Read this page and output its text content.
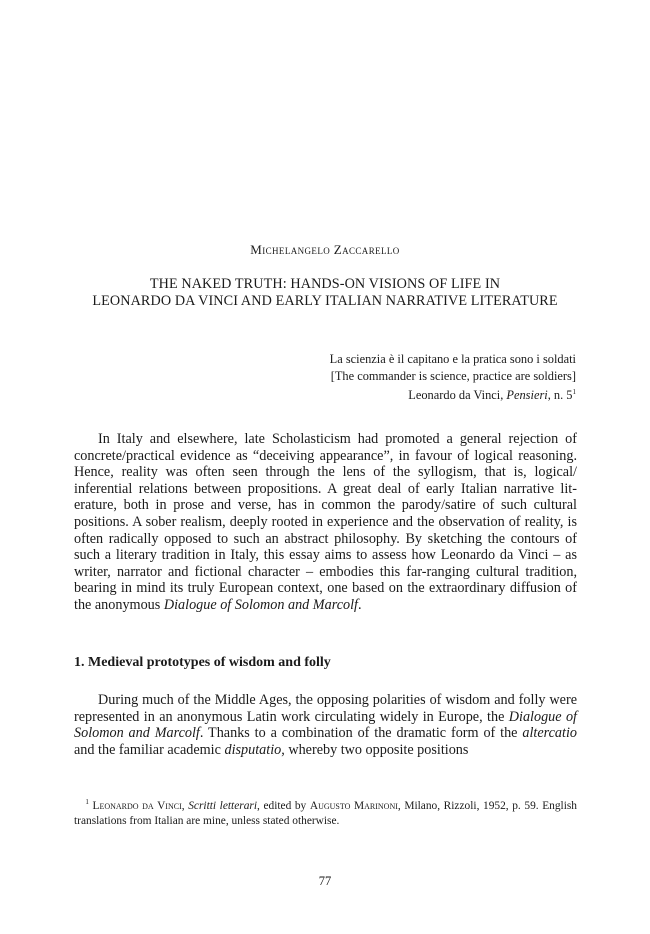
Michelangelo Zaccarello
THE NAKED TRUTH: HANDS-ON VISIONS OF LIFE IN
LEONARDO DA VINCI AND EARLY ITALIAN NARRATIVE LITERATURE
La scienzia è il capitano e la pratica sono i soldati
[The commander is science, practice are soldiers]
Leonardo da Vinci, Pensieri, n. $5^1$
In Italy and elsewhere, late Scholasticism had promoted a general rejection of concrete/practical evidence as “deceiving appearance”, in favour of logical reasoning. Hence, reality was often seen through the lens of the syllogism, that is, logical/​inferential relations between propositions. A great deal of early Italian narrative literature, both in prose and verse, has in common the parody/satire of such cultural positions. A sober realism, deeply rooted in experience and the observation of reality, is often radically opposed to such an abstract philosophy. By sketching the contours of such a literary tradition in Italy, this essay aims to assess how Leonardo da Vinci – as writer, narrator and fictional character – embodies this far-ranging cultural tradition, bearing in mind its truly European context, one based on the extraordinary diffusion of the anonymous Dialogue of Solomon and Marcolf.
1. Medieval prototypes of wisdom and folly
During much of the Middle Ages, the opposing polarities of wisdom and folly were represented in an anonymous Latin work circulating widely in Europe, the Dialogue of Solomon and Marcolf. Thanks to a combination of the dramatic form of the altercatio and the familiar academic disputatio, whereby two opposite positions
 $^1$ Leonardo da Vinci, Scritti letterari, edited by Augusto Marinoni, Milano, Rizzoli, 1952, p. 59. English translations from Italian are mine, unless stated otherwise.
77
